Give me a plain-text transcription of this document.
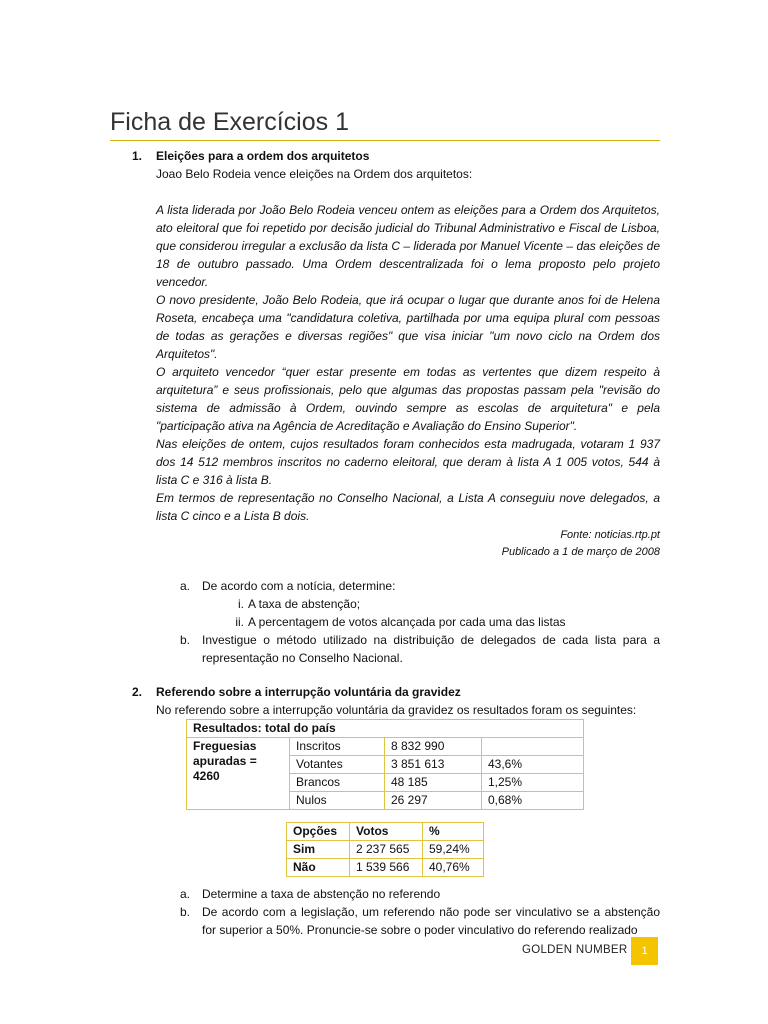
Ficha de Exercícios 1
1. Eleições para a ordem dos arquitetos
Joao Belo Rodeia vence eleições na Ordem dos arquitetos:
A lista liderada por João Belo Rodeia venceu ontem as eleições para a Ordem dos Arquitetos, ato eleitoral que foi repetido por decisão judicial do Tribunal Administrativo e Fiscal de Lisboa, que considerou irregular a exclusão da lista C – liderada por Manuel Vicente – das eleições de 18 de outubro passado. Uma Ordem descentralizada foi o lema proposto pelo projeto vencedor.
O novo presidente, João Belo Rodeia, que irá ocupar o lugar que durante anos foi de Helena Roseta, encabeça uma "candidatura coletiva, partilhada por uma equipa plural com pessoas de todas as gerações e diversas regiões" que visa iniciar "um novo ciclo na Ordem dos Arquitetos".
O arquiteto vencedor “quer estar presente em todas as vertentes que dizem respeito à arquitetura” e seus profissionais, pelo que algumas das propostas passam pela "revisão do sistema de admissão à Ordem, ouvindo sempre as escolas de arquitetura" e pela "participação ativa na Agência de Acreditação e Avaliação do Ensino Superior".
Nas eleições de ontem, cujos resultados foram conhecidos esta madrugada, votaram 1 937 dos 14 512 membros inscritos no caderno eleitoral, que deram à lista A 1 005 votos, 544 à lista C e 316 à lista B.
Em termos de representação no Conselho Nacional, a Lista A conseguiu nove delegados, a lista C cinco e a Lista B dois.
Fonte: noticias.rtp.pt
Publicado a 1 de março de 2008
a. De acordo com a notícia, determine:
i. A taxa de abstenção;
ii. A percentagem de votos alcançada por cada uma das listas
b. Investigue o método utilizado na distribuição de delegados de cada lista para a representação no Conselho Nacional.
2. Referendo sobre a interrupção voluntária da gravidez
No referendo sobre a interrupção voluntária da gravidez os resultados foram os seguintes:
Resultados: total do país			
Freguesias apuradas = 4260	Inscritos	8 832 990	
	Votantes	3 851 613	43,6%
	Brancos	48 185	1,25%
	Nulos	26 297	0,68%
Opções	Votos	%
Sim	2 237 565	59,24%
Não	1 539 566	40,76%
a. Determine a taxa de abstenção no referendo
b. De acordo com a legislação, um referendo não pode ser vinculativo se a abstenção for superior a 50%. Pronuncie-se sobre o poder vinculativo do referendo realizado
GOLDEN NUMBER	1
